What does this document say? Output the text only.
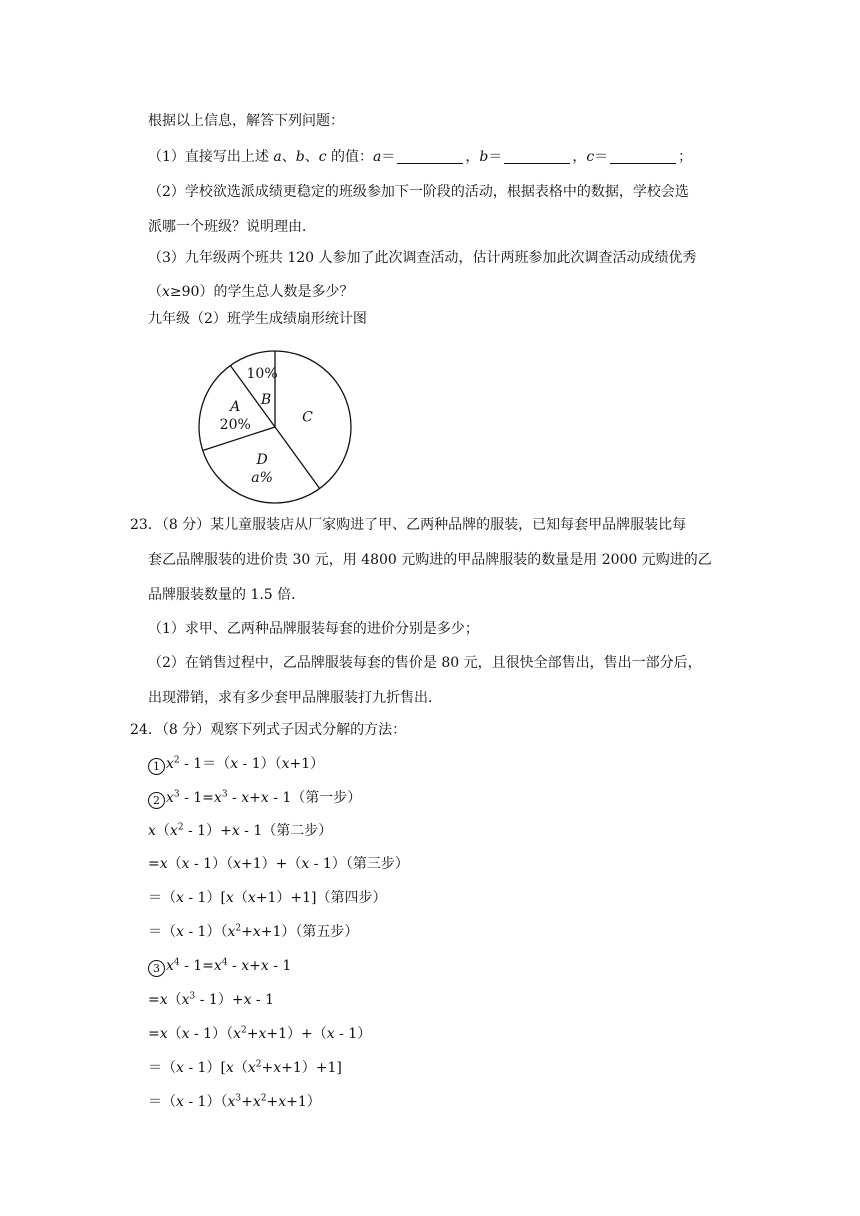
根据以上信息，解答下列问题：
（1）直接写出上述 a、b、c 的值：a＝	，b＝	，c＝	；
（2）学校欲选派成绩更稳定的班级参加下一阶段的活动，根据表格中的数据，学校会选
派哪一个班级？说明理由．
（3）九年级两个班共 120 人参加了此次调查活动，估计两班参加此次调查活动成绩优秀
（x≥90）的学生总人数是多少？
九年级（2）班学生成绩扇形统计图
C
D
a%
A
20%
B
10%
23．（8 分）某儿童服装店从厂家购进了甲、乙两种品牌的服装，已知每套甲品牌服装比每
套乙品牌服装的进价贵 30 元，用 4800 元购进的甲品牌服装的数量是用 2000 元购进的乙
品牌服装数量的 1.5 倍．
（1）求甲、乙两种品牌服装每套的进价分别是多少；
（2）在销售过程中，乙品牌服装每套的售价是 80 元，且很快全部售出，售出一部分后，
出现滞销，求有多少套甲品牌服装打九折售出．
24．（8 分）观察下列式子因式分解的方法：
1 $x^2 - 1=(x - 1)(x+1)$
2 $x^3 - 1=x^3 - x+x - 1$（第一步）
$x(x^2 - 1)+x - 1$（第二步）
=x（x - 1）（x+1）+（x - 1）（第三步）
＝（x - 1）[x（x+1）+1]（第四步）
$=(x - 1)(x^2+x+1)$（第五步）
3 $x^4 - 1=x^4 - x+x - 1$
$=x(x^3 - 1)+x - 1$
$=x(x - 1)(x^2+x+1)+(x - 1)$
$=(x - 1)[x(x^2+x+1)+1]$
$=(x - 1)(x^3+x^2+x+1)$
